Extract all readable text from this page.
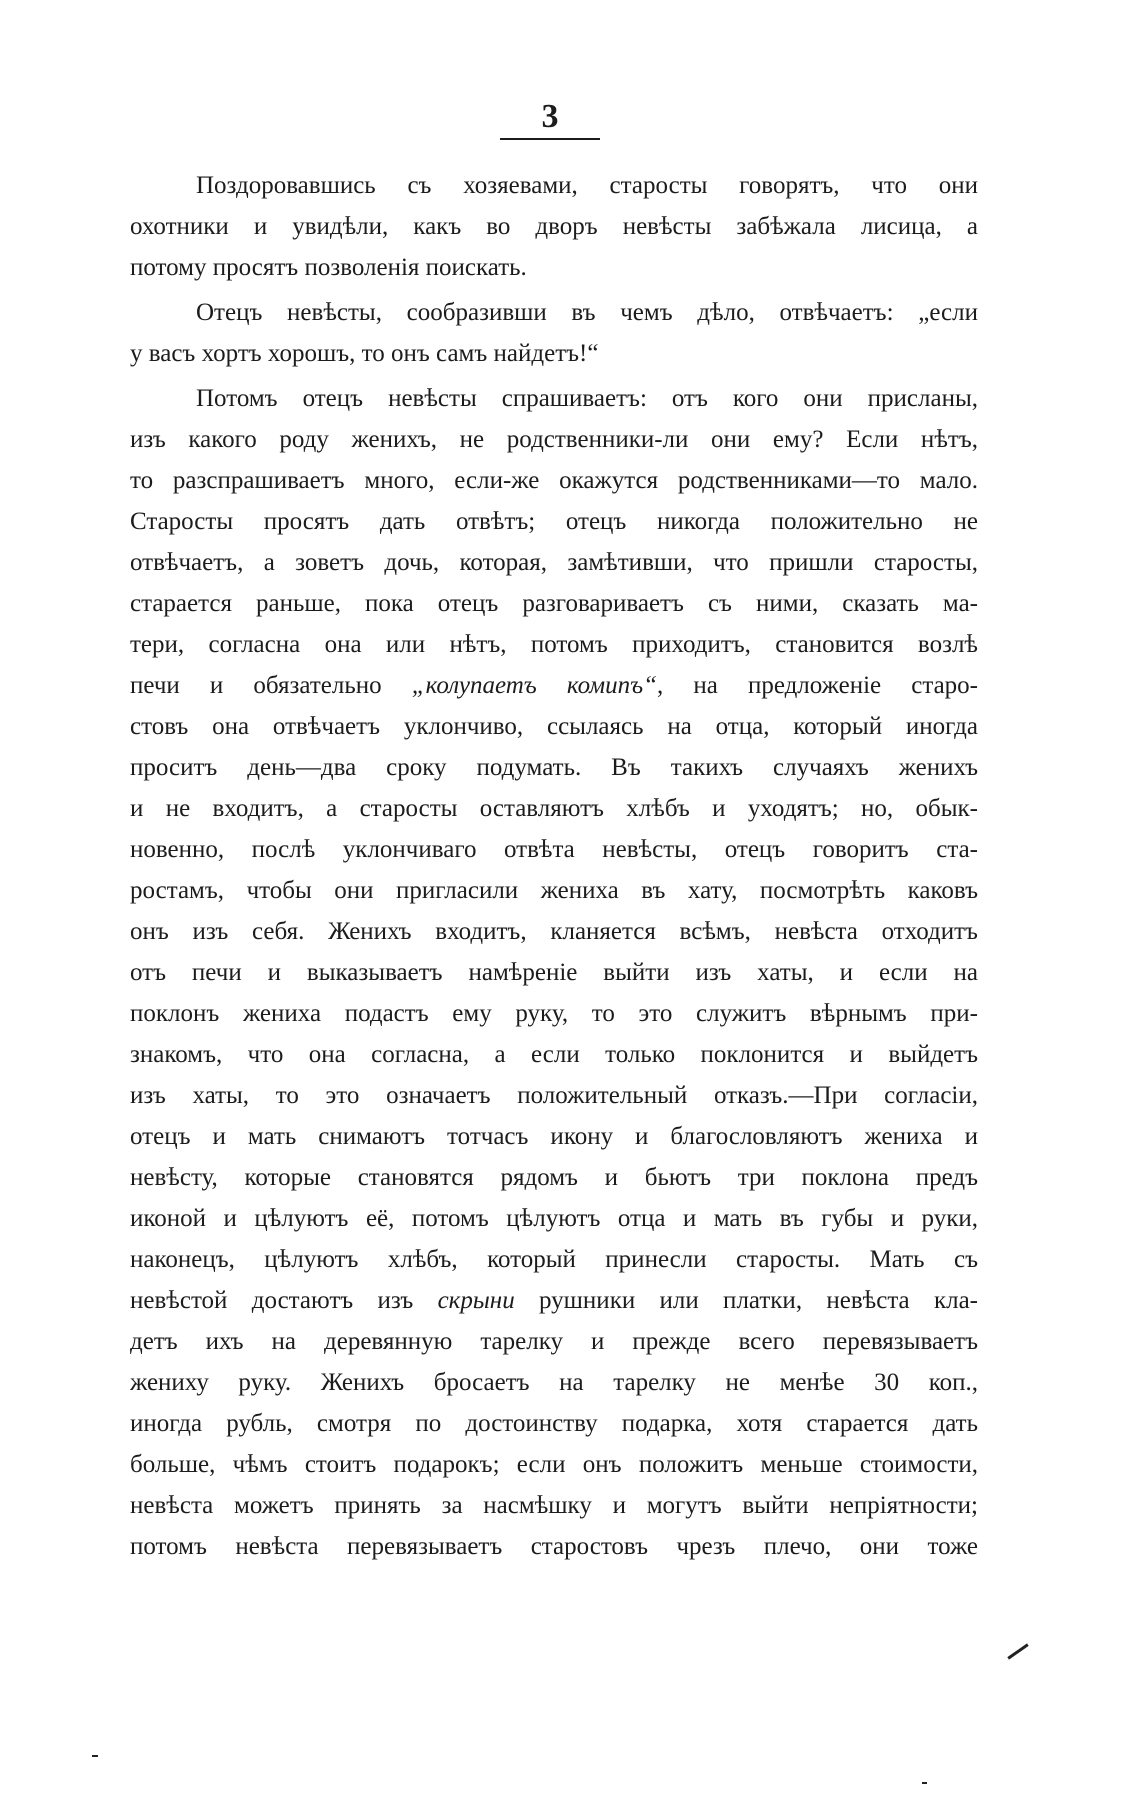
3
Поздоровавшись съ хозяевами, старосты говорятъ, что они
охотники и увидѣли, какъ во дворъ невѣсты забѣжала лисица, а
потому просятъ позволенія поискать.
Отецъ невѣсты, сообразивши въ чемъ дѣло, отвѣчаетъ: „если
у васъ хортъ хорошъ, то онъ самъ найдетъ!“
Потомъ отецъ невѣсты спрашиваетъ: отъ кого они присланы,
изъ какого роду женихъ, не родственники-ли они ему? Если нѣтъ,
то разспрашиваетъ много, если-же окажутся родственниками—то мало.
Старосты просятъ дать отвѣтъ; отецъ никогда положительно не
отвѣчаетъ, а зоветъ дочь, которая, замѣтивши, что пришли старосты,
старается раньше, пока отецъ разговариваетъ съ ними, сказать ма-
тери, согласна она или нѣтъ, потомъ приходитъ, становится возлѣ
печи и обязательно „колупаетъ комипъ“, на предложеніе старо-
стовъ она отвѣчаетъ уклончиво, ссылаясь на отца, который иногда
проситъ день—два сроку подумать. Въ такихъ случаяхъ женихъ
и не входитъ, а старосты оставляютъ хлѣбъ и уходятъ; но, обык-
новенно, послѣ уклончиваго отвѣта невѣсты, отецъ говоритъ ста-
ростамъ, чтобы они пригласили жениха въ хату, посмотрѣть каковъ
онъ изъ себя. Женихъ входитъ, кланяется всѣмъ, невѣста отходитъ
отъ печи и выказываетъ намѣреніе выйти изъ хаты, и если на
поклонъ жениха подастъ ему руку, то это служитъ вѣрнымъ при-
знакомъ, что она согласна, а если только поклонится и выйдетъ
изъ хаты, то это означаетъ положительный отказъ.—При согласіи,
отецъ и мать снимаютъ тотчасъ икону и благословляютъ жениха и
невѣсту, которые становятся рядомъ и бьютъ три поклона предъ
иконой и цѣлуютъ её, потомъ цѣлуютъ отца и мать въ губы и руки,
наконецъ, цѣлуютъ хлѣбъ, который принесли старосты. Мать съ
невѣстой достаютъ изъ скрыни рушники или платки, невѣста кла-
детъ ихъ на деревянную тарелку и прежде всего перевязываетъ
жениху руку. Женихъ бросаетъ на тарелку не менѣе 30 коп.,
иногда рубль, смотря по достоинству подарка, хотя старается дать
больше, чѣмъ стоитъ подарокъ; если онъ положитъ меньше стоимости,
невѣста можетъ принять за насмѣшку и могутъ выйти непріятности;
потомъ невѣста перевязываетъ старостовъ чрезъ плечо, они тоже
